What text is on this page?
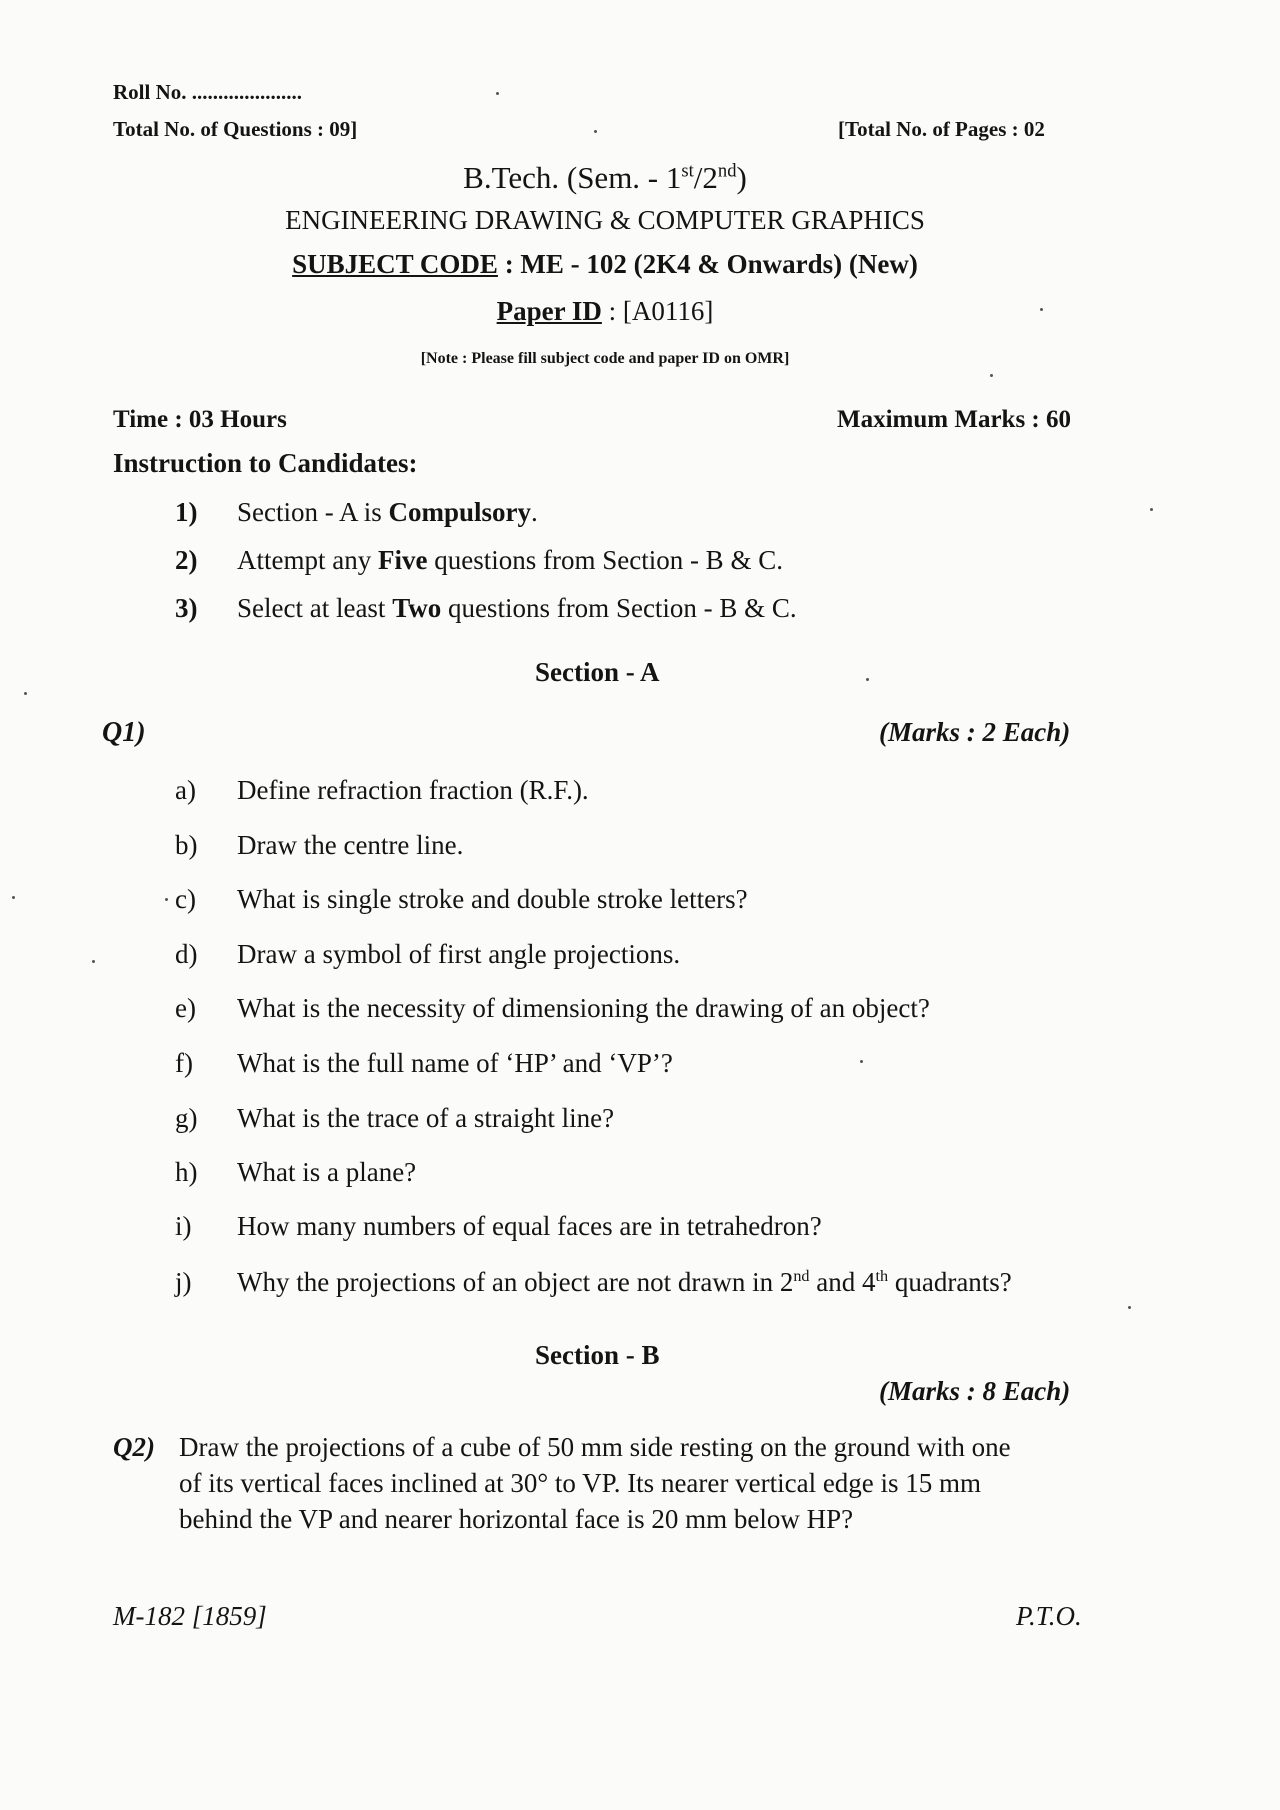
Roll No. .....................
Total No. of Questions : 09]	[Total No. of Pages : 02
B.Tech. (Sem. - 1st/2nd)
ENGINEERING DRAWING & COMPUTER GRAPHICS
SUBJECT CODE : ME - 102 (2K4 & Onwards) (New)
Paper ID : [A0116]
[Note : Please fill subject code and paper ID on OMR]
Time : 03 Hours	Maximum Marks : 60
Instruction to Candidates:
1) Section - A is Compulsory.
2) Attempt any Five questions from Section - B & C.
3) Select at least Two questions from Section - B & C.
Section - A
Q1)	(Marks : 2 Each)
a) Define refraction fraction (R.F.).
b) Draw the centre line.
c) What is single stroke and double stroke letters?
d) Draw a symbol of first angle projections.
e) What is the necessity of dimensioning the drawing of an object?
f) What is the full name of ‘HP’ and ‘VP’?
g) What is the trace of a straight line?
h) What is a plane?
i) How many numbers of equal faces are in tetrahedron?
j) Why the projections of an object are not drawn in 2nd and 4th quadrants?
Section - B
(Marks : 8 Each)
Q2) Draw the projections of a cube of 50 mm side resting on the ground with one
of its vertical faces inclined at 30° to VP. Its nearer vertical edge is 15 mm
behind the VP and nearer horizontal face is 20 mm below HP?
M-182 [1859]	P.T.O.
